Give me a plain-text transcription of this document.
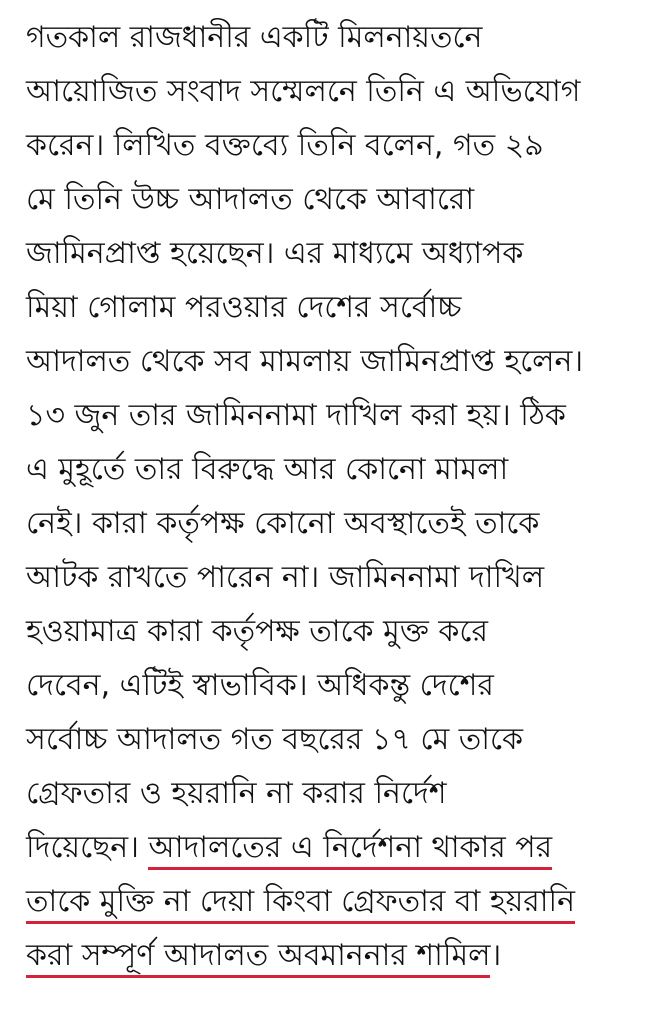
গতকাল রাজধানীর একটি মিলনায়তনে
আয়োজিত সংবাদ সম্মেলনে তিনি এ অভিযোগ
করেন। লিখিত বক্তব্যে তিনি বলেন, গত ২৯
মে তিনি উচ্চ আদালত থেকে আবারো
জামিনপ্রাপ্ত হয়েছেন। এর মাধ্যমে অধ্যাপক
মিয়া গোলাম পরওয়ার দেশের সর্বোচ্চ
আদালত থেকে সব মামলায় জামিনপ্রাপ্ত হলেন।
১৩ জুন তার জামিননামা দাখিল করা হয়। ঠিক
এ মুহূর্তে তার বিরুদ্ধে আর কোনো মামলা
নেই। কারা কর্তৃপক্ষ কোনো অবস্থাতেই তাকে
আটক রাখতে পারেন না। জামিননামা দাখিল
হওয়ামাত্র কারা কর্তৃপক্ষ তাকে মুক্ত করে
দেবেন, এটিই স্বাভাবিক। অধিকন্তু দেশের
সর্বোচ্চ আদালত গত বছরের ১৭ মে তাকে
গ্রেফতার ও হয়রানি না করার নির্দেশ
দিয়েছেন। আদালতের এ নির্দেশনা থাকার পর
তাকে মুক্তি না দেয়া কিংবা গ্রেফতার বা হয়রানি
করা সম্পূর্ণ আদালত অবমাননার শামিল।
